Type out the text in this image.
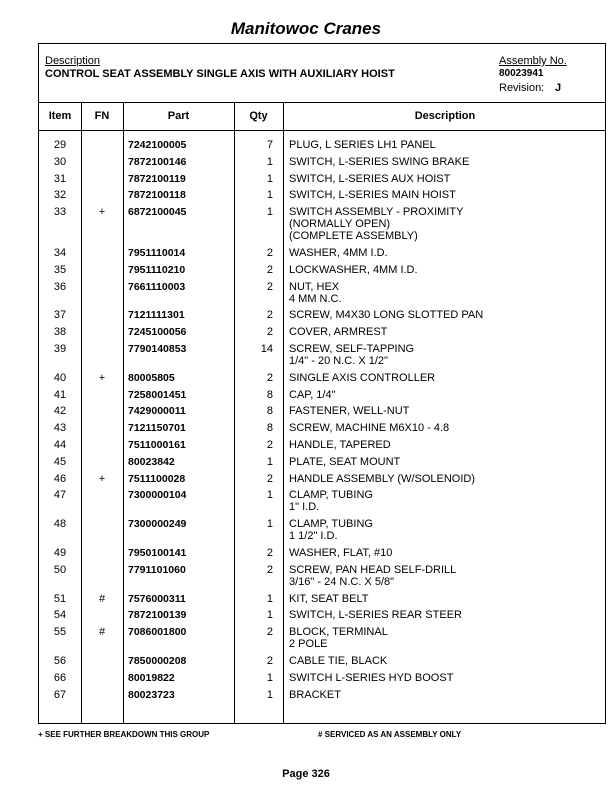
Manitowoc Cranes
Description
CONTROL SEAT ASSEMBLY SINGLE AXIS WITH AUXILIARY HOIST
Assembly No.
80023941
Revision: J
Item	FN	Part	Qty	Description
29	7242100005	7 PLUG, L SERIES LH1 PANEL
30	7872100146	1 SWITCH, L-SERIES SWING BRAKE
31	7872100119	1 SWITCH, L-SERIES AUX HOIST
32	7872100118	1 SWITCH, L-SERIES MAIN HOIST
33	+	6872100045	1 SWITCH ASSEMBLY - PROXIMITY
(NORMALLY OPEN)
(COMPLETE ASSEMBLY)
34	7951110014	2 WASHER, 4MM I.D.
35	7951110210	2 LOCKWASHER, 4MM I.D.
36	7661110003	2 NUT, HEX
4 MM N.C.
37	7121111301	2 SCREW, M4X30 LONG SLOTTED PAN
38	7245100056	2 COVER, ARMREST
39	7790140853	14 SCREW, SELF-TAPPING
1/4" - 20 N.C. X 1/2"
40	+	80005805	2 SINGLE AXIS CONTROLLER
41	7258001451	8 CAP, 1/4"
42	7429000011	8 FASTENER, WELL-NUT
43	7121150701	8 SCREW, MACHINE M6X10 - 4.8
44	7511000161	2 HANDLE, TAPERED
45	80023842	1 PLATE, SEAT MOUNT
46	+	7511100028	2 HANDLE ASSEMBLY (W/SOLENOID)
47	7300000104	1 CLAMP, TUBING
1" I.D.
48	7300000249	1 CLAMP, TUBING
1 1/2" I.D.
49	7950100141	2 WASHER, FLAT, #10
50	7791101060	2 SCREW, PAN HEAD SELF-DRILL
3/16" - 24 N.C. X 5/8"
51	#	7576000311	1 KIT, SEAT BELT
54	7872100139	1 SWITCH, L-SERIES REAR STEER
55	#	7086001800	2 BLOCK, TERMINAL
2 POLE
56	7850000208	2 CABLE TIE, BLACK
66	80019822	1 SWITCH L-SERIES HYD BOOST
67	80023723	1 BRACKET
+ SEE FURTHER BREAKDOWN THIS GROUP	# SERVICED AS AN ASSEMBLY ONLY
Page 326
